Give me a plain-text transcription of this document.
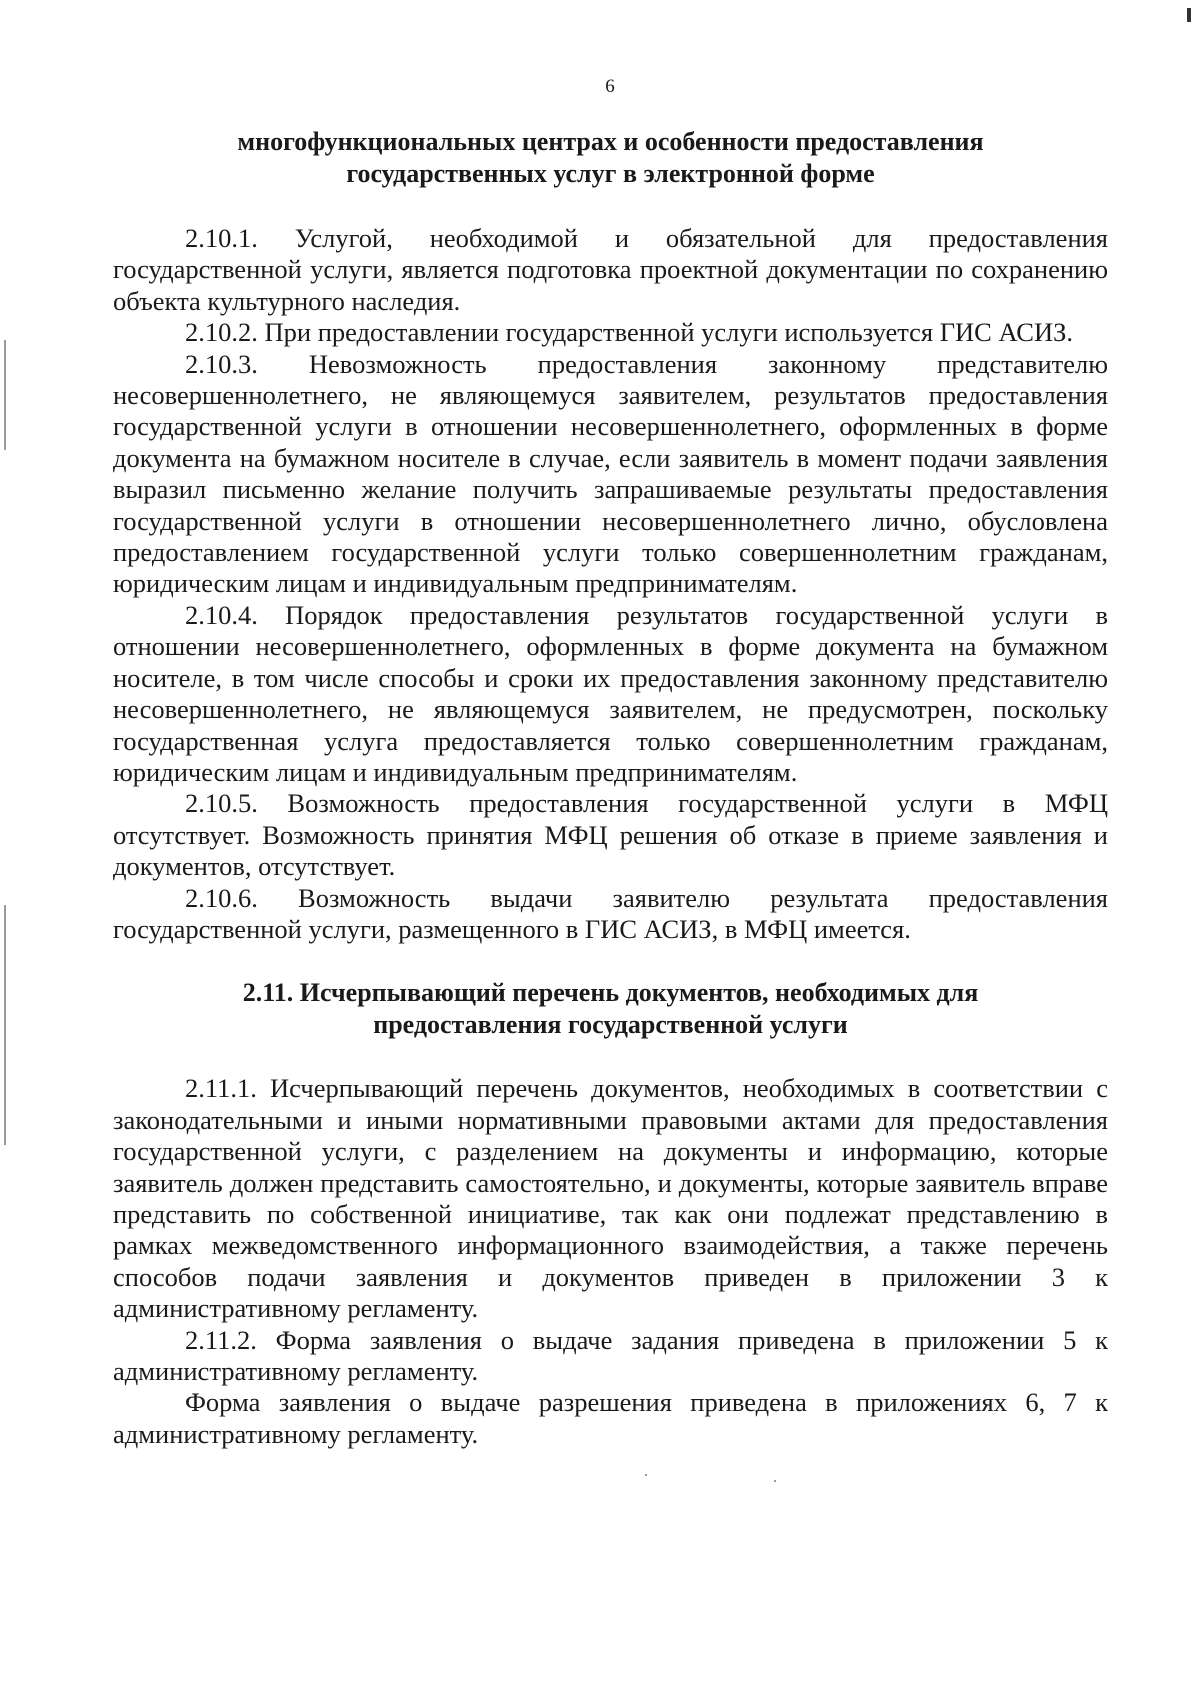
6
многофункциональных центрах и особенности предоставления
государственных услуг в электронной форме

2.10.1. Услугой, необходимой и обязательной для предоставления государственной услуги, является подготовка проектной документации по сохранению объекта культурного наследия.

2.10.2. При предоставлении государственной услуги используется ГИС АСИЗ.

2.10.3. Невозможность предоставления законному представителю несовершеннолетнего, не являющемуся заявителем, результатов предоставления государственной услуги в отношении несовершеннолетнего, оформленных в форме документа на бумажном носителе в случае, если заявитель в момент подачи заявления выразил письменно желание получить запрашиваемые результаты предоставления государственной услуги в отношении несовершеннолетнего лично, обусловлена предоставлением государственной услуги только совершеннолетним гражданам, юридическим лицам и индивидуальным предпринимателям.

2.10.4. Порядок предоставления результатов государственной услуги в отношении несовершеннолетнего, оформленных в форме документа на бумажном носителе, в том числе способы и сроки их предоставления законному представителю несовершеннолетнего, не являющемуся заявителем, не предусмотрен, поскольку государственная услуга предоставляется только совершеннолетним гражданам, юридическим лицам и индивидуальным предпринимателям.

2.10.5. Возможность предоставления государственной услуги в МФЦ отсутствует. Возможность принятия МФЦ решения об отказе в приеме заявления и документов, отсутствует.

2.10.6. Возможность выдачи заявителю результата предоставления государственной услуги, размещенного в ГИС АСИЗ, в МФЦ имеется.

2.11. Исчерпывающий перечень документов, необходимых для
предоставления государственной услуги

2.11.1. Исчерпывающий перечень документов, необходимых в соответствии с законодательными и иными нормативными правовыми актами для предоставления государственной услуги, с разделением на документы и информацию, которые заявитель должен представить самостоятельно, и документы, которые заявитель вправе представить по собственной инициативе, так как они подлежат представлению в рамках межведомственного информационного взаимодействия, а также перечень способов подачи заявления и документов приведен в приложении 3 к административному регламенту.

2.11.2. Форма заявления о выдаче задания приведена в приложении 5 к административному регламенту.

Форма заявления о выдаче разрешения приведена в приложениях 6, 7 к административному регламенту.
